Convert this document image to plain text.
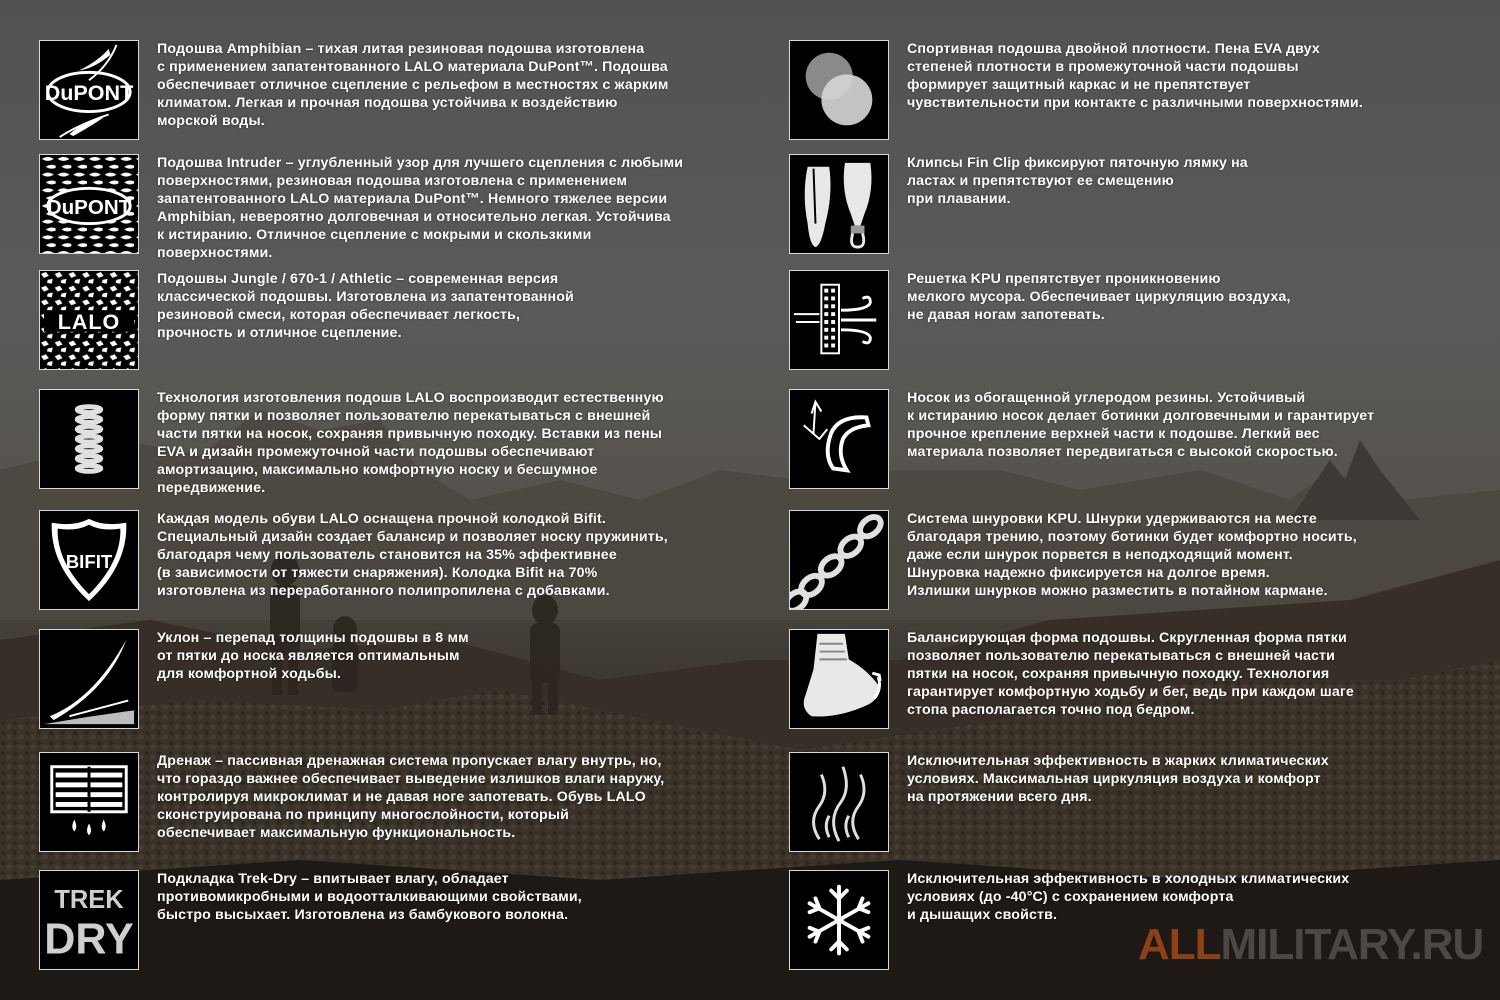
DuPONT
Подошва Amphibian – тихая литая резиновая подошва изготовлена
с применением запатентованного LALO материала DuPont™. Подошва
обеспечивает отличное сцепление с рельефом в местностях с жарким
климатом. Легкая и прочная подошва устойчива к воздействию
морской воды.
DuPONT
Подошва Intruder – углубленный узор для лучшего сцепления с любыми
поверхностями, резиновая подошва изготовлена с применением
запатентованного LALO материала DuPont™. Немного тяжелее версии
Amphibian, невероятно долговечная и относительно легкая. Устойчива
к истиранию. Отличное сцепление с мокрыми и скользкими
поверхностями.
LALO
Подошвы Jungle / 670-1 / Athletic – современная версия
классической подошвы. Изготовлена из запатентованной
резиновой смеси, которая обеспечивает легкость,
прочность и отличное сцепление.
Технология изготовления подошв LALO воспроизводит естественную
форму пятки и позволяет пользователю перекатываться с внешней
части пятки на носок, сохраняя привычную походку. Вставки из пены
EVA и дизайн промежуточной части подошвы обеспечивают
амортизацию, максимально комфортную носку и бесшумное
передвижение.
BIFIT
Каждая модель обуви LALO оснащена прочной колодкой Bifit.
Специальный дизайн создает балансир и позволяет носку пружинить,
благодаря чему пользователь становится на 35% эффективнее
(в зависимости от тяжести снаряжения). Колодка Bifit на 70%
изготовлена из переработанного полипропилена с добавками.
Уклон – перепад толщины подошвы в 8 мм
от пятки до носка является оптимальным
для комфортной ходьбы.
Дренаж – пассивная дренажная система пропускает влагу внутрь, но,
что гораздо важнее обеспечивает выведение излишков влаги наружу,
контролируя микроклимат и не давая ноге запотевать. Обувь LALO
сконструирована по принципу многослойности, который
обеспечивает максимальную функциональность.
TREK
DRY
Подкладка Trek-Dry – впитывает влагу, обладает
противомикробными и водоотталкивающими свойствами,
быстро высыхает. Изготовлена из бамбукового волокна.
Спортивная подошва двойной плотности. Пена EVA двух
степеней плотности в промежуточной части подошвы
формирует защитный каркас и не препятствует
чувствительности при контакте с различными поверхностями.
Клипсы Fin Clip фиксируют пяточную лямку на
ластах и препятствуют ее смещению
при плавании.
Решетка KPU препятствует проникновению
мелкого мусора. Обеспечивает циркуляцию воздуха,
не давая ногам запотевать.
Носок из обогащенной углеродом резины. Устойчивый
к истиранию носок делает ботинки долговечными и гарантирует
прочное крепление верхней части к подошве. Легкий вес
материала позволяет передвигаться с высокой скоростью.
Система шнуровки KPU. Шнурки удерживаются на месте
благодаря трению, поэтому ботинки будет комфортно носить,
даже если шнурок порвется в неподходящий момент.
Шнуровка надежно фиксируется на долгое время.
Излишки шнурков можно разместить в потайном кармане.
Балансирующая форма подошвы. Скругленная форма пятки
позволяет пользователю перекатываться с внешней части
пятки на носок, сохраняя привычную походку. Технология
гарантирует комфортную ходьбу и бег, ведь при каждом шаге
стопа располагается точно под бедром.
Исключительная эффективность в жарких климатических
условиях. Максимальная циркуляция воздуха и комфорт
на протяжении всего дня.
Исключительная эффективность в холодных климатических
условиях (до -40°С) с сохранением комфорта
и дышащих свойств.
ALLMILITARY.RU
